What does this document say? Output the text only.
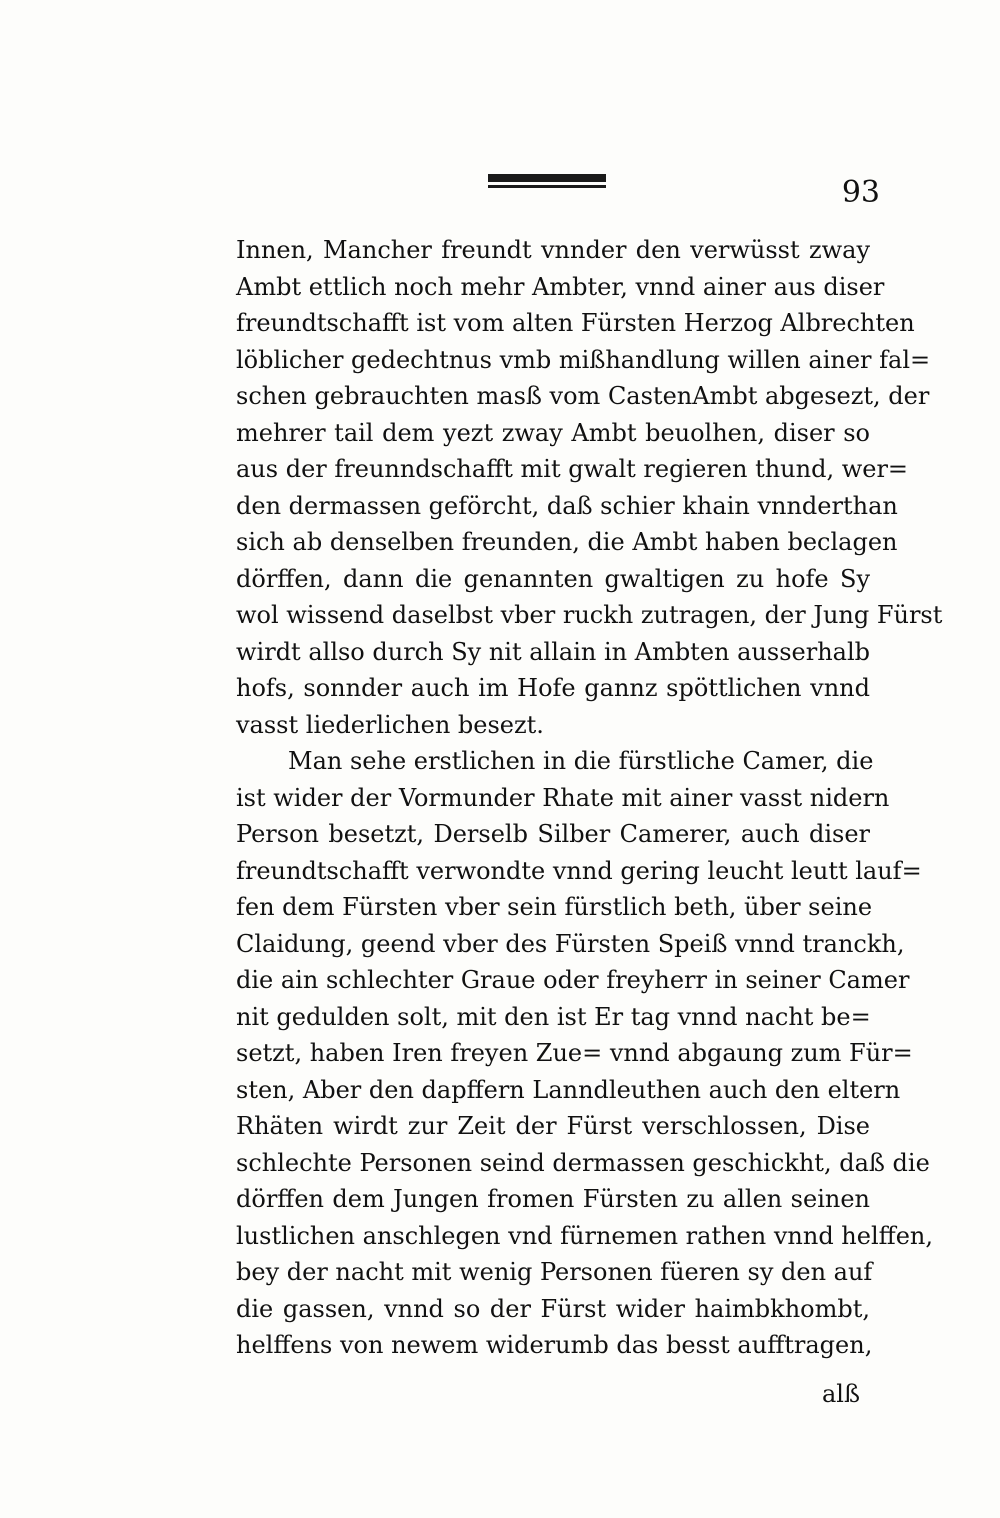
93
Innen, Mancher freundt vnnder den verwüsst zway
Ambt ettlich noch mehr Ambter, vnnd ainer aus diser
freundtschafft ist vom alten Fürsten Herzog Albrechten
löblicher gedechtnus vmb mißhandlung willen ainer fal=
schen gebrauchten masß vom CastenAmbt abgesezt, der
mehrer tail dem yezt zway Ambt beuolhen, diser so
aus der freunndschafft mit gwalt regieren thund, wer=
den dermassen geförcht, daß schier khain vnnderthan
sich ab denselben freunden, die Ambt haben beclagen
dörffen, dann die genannten gwaltigen zu hofe Sy
wol wissend daselbst vber ruckh zutragen, der Jung Fürst
wirdt allso durch Sy nit allain in Ambten ausserhalb
hofs, sonnder auch im Hofe gannz spöttlichen vnnd
vasst liederlichen besezt.
Man sehe erstlichen in die fürstliche Camer, die
ist wider der Vormunder Rhate mit ainer vasst nidern
Person besetzt, Derselb Silber Camerer, auch diser
freundtschafft verwondte vnnd gering leucht leutt lauf=
fen dem Fürsten vber sein fürstlich beth, über seine
Claidung, geend vber des Fürsten Speiß vnnd tranckh,
die ain schlechter Graue oder freyherr in seiner Camer
nit gedulden solt, mit den ist Er tag vnnd nacht be=
setzt, haben Iren freyen Zue= vnnd abgaung zum Für=
sten, Aber den dapffern Lanndleuthen auch den eltern
Rhäten wirdt zur Zeit der Fürst verschlossen, Dise
schlechte Personen seind dermassen geschickht, daß die
dörffen dem Jungen fromen Fürsten zu allen seinen
lustlichen anschlegen vnd fürnemen rathen vnnd helffen,
bey der nacht mit wenig Personen füeren sy den auf
die gassen, vnnd so der Fürst wider haimbkhombt,
helffens von newem widerumb das besst aufftragen,
alß
